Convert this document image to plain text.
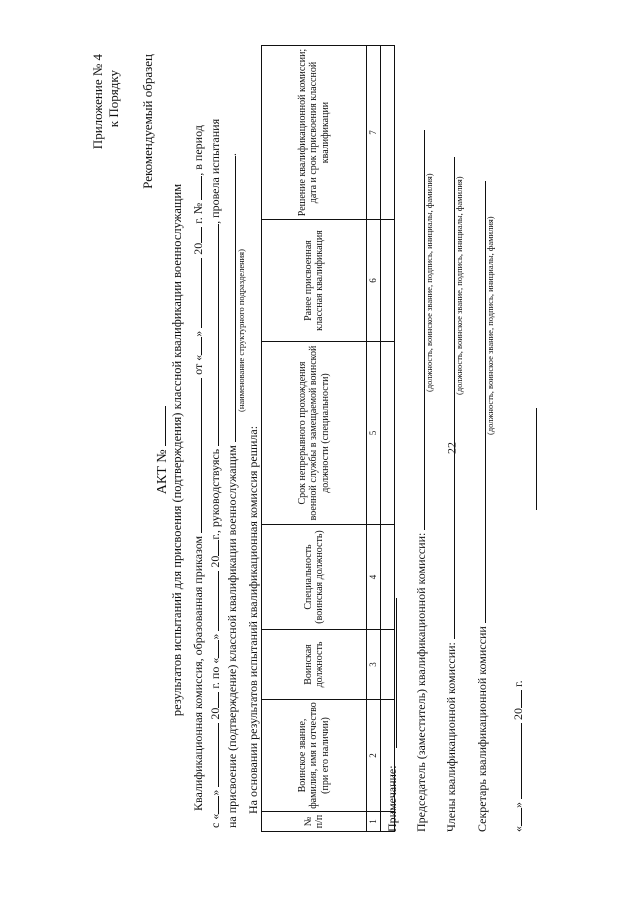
22
Приложение № 4 к Порядку Рекомендуемый образец
АКТ № результатов испытаний для присвоения (подтверждения) классной квалификации военнослужащим Квалификационная комиссия, образованная приказом  от «»  20 г. № , в период
с «»  20 г. по «»  20г., руководствуясь , провела испытания
на присвоение (подтверждение) классной квалификации военнослужащим .
(наименование структурного подразделения)
На основании результатов испытаний квалификационная комиссия решила:
№ п/п	Воинское звание, фамилия, имя и отчество (при его наличии)	Воинская должность	Специальность (воинская должность)	Срок непрерывного прохождения военной службы в замещаемой воинской должности (специальности)	Ранее присвоенная классная квалификация	Решение квалификационной комиссии; дата и срок присвоения классной квалификации
1	2	3	4	5	6	7

Примечание: Председатель (заместитель) квалификационной комиссии:
(должность, воинское звание, подпись, инициалы, фамилия)
Члены квалификационной комиссии:
(должность, воинское звание, подпись, инициалы, фамилия)
Секретарь квалификационной комиссии
(должность, воинское звание, подпись, инициалы, фамилия)
«»  20 г.
